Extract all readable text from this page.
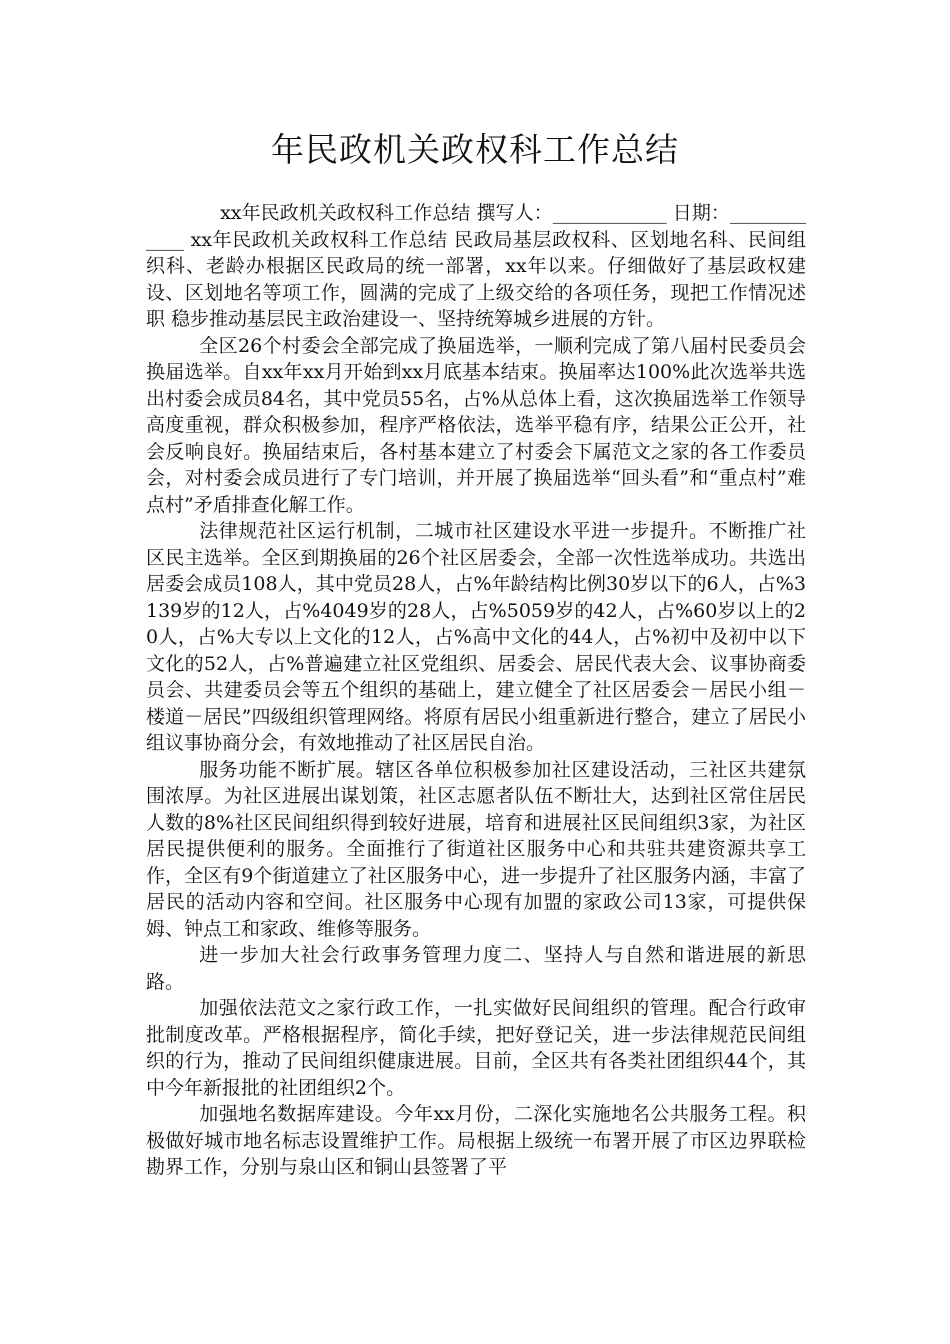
年民政机关政权科工作总结

xx年民政机关政权科工作总结 撰写人：____________ 日期：____________ xx年民政机关政权科工作总结 民政局基层政权科、区划地名科、民间组织科、老龄办根据区民政局的统一部署，xx年以来。仔细做好了基层政权建设、区划地名等项工作，圆满的完成了上级交给的各项任务，现把工作情况述职 稳步推动基层民主政治建设一、坚持统筹城乡进展的方针。

全区26个村委会全部完成了换届选举，一顺利完成了第八届村民委员会换届选举。自xx年xx月开始到xx月底基本结束。换届率达100%此次选举共选出村委会成员84名，其中党员55名，占%从总体上看，这次换届选举工作领导高度重视，群众积极参加，程序严格依法，选举平稳有序，结果公正公开，社会反响良好。换届结束后，各村基本建立了村委会下属范文之家的各工作委员会，对村委会成员进行了专门培训，并开展了换届选举“回头看”和“重点村”难点村”矛盾排查化解工作。

法律规范社区运行机制，二城市社区建设水平进一步提升。不断推广社区民主选举。全区到期换届的26个社区居委会，全部一次性选举成功。共选出居委会成员108人，其中党员28人，占%年龄结构比例30岁以下的6人，占%3139岁的12人，占%4049岁的28人，占%5059岁的42人，占%60岁以上的20人，占%大专以上文化的12人，占%高中文化的44人，占%初中及初中以下文化的52人，占%普遍建立社区党组织、居委会、居民代表大会、议事协商委员会、共建委员会等五个组织的基础上，建立健全了社区居委会－居民小组－楼道－居民”四级组织管理网络。将原有居民小组重新进行整合，建立了居民小组议事协商分会，有效地推动了社区居民自治。

服务功能不断扩展。辖区各单位积极参加社区建设活动，三社区共建氛围浓厚。为社区进展出谋划策，社区志愿者队伍不断壮大，达到社区常住居民人数的8%社区民间组织得到较好进展，培育和进展社区民间组织3家，为社区居民提供便利的服务。全面推行了街道社区服务中心和共驻共建资源共享工作，全区有9个街道建立了社区服务中心，进一步提升了社区服务内涵，丰富了居民的活动内容和空间。社区服务中心现有加盟的家政公司13家，可提供保姆、钟点工和家政、维修等服务。

进一步加大社会行政事务管理力度二、坚持人与自然和谐进展的新思路。

加强依法范文之家行政工作，一扎实做好民间组织的管理。配合行政审批制度改革。严格根据程序，简化手续，把好登记关，进一步法律规范民间组织的行为，推动了民间组织健康进展。目前，全区共有各类社团组织44个，其中今年新报批的社团组织2个。

加强地名数据库建设。今年xx月份，二深化实施地名公共服务工程。积极做好城市地名标志设置维护工作。局根据上级统一布署开展了市区边界联检勘界工作，分别与泉山区和铜山县签署了平
